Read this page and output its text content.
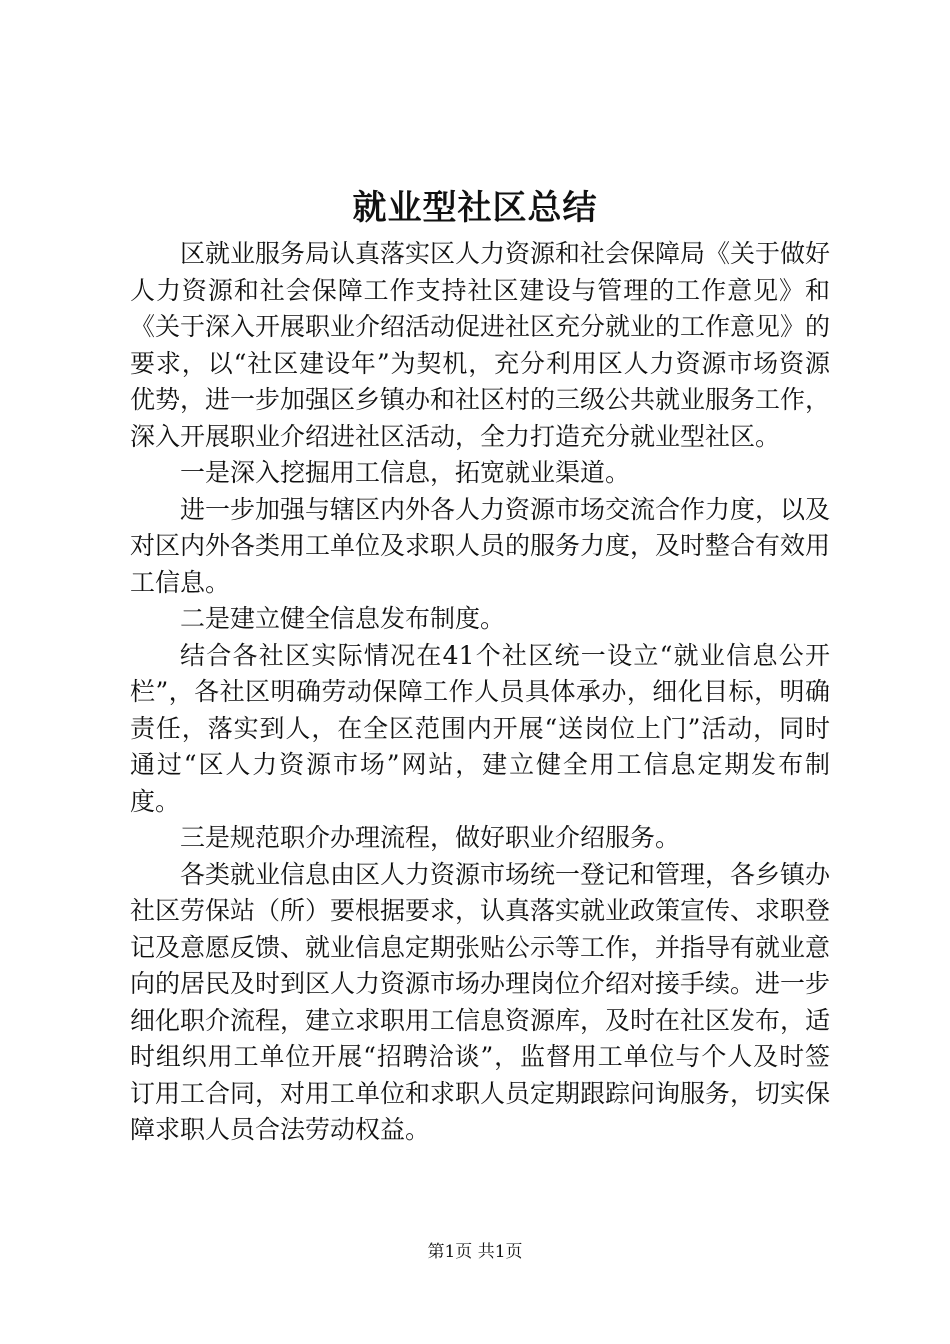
就业型社区总结

区就业服务局认真落实区人力资源和社会保障局《关于做好人力资源和社会保障工作支持社区建设与管理的工作意见》和《关于深入开展职业介绍活动促进社区充分就业的工作意见》的要求，以“社区建设年”为契机，充分利用区人力资源市场资源优势，进一步加强区乡镇办和社区村的三级公共就业服务工作，深入开展职业介绍进社区活动，全力打造充分就业型社区。

一是深入挖掘用工信息，拓宽就业渠道。

进一步加强与辖区内外各人力资源市场交流合作力度，以及对区内外各类用工单位及求职人员的服务力度，及时整合有效用工信息。

二是建立健全信息发布制度。

结合各社区实际情况在41个社区统一设立“就业信息公开栏”，各社区明确劳动保障工作人员具体承办，细化目标，明确责任，落实到人，在全区范围内开展“送岗位上门”活动，同时通过“区人力资源市场”网站，建立健全用工信息定期发布制度。

三是规范职介办理流程，做好职业介绍服务。

各类就业信息由区人力资源市场统一登记和管理，各乡镇办社区劳保站（所）要根据要求，认真落实就业政策宣传、求职登记及意愿反馈、就业信息定期张贴公示等工作，并指导有就业意向的居民及时到区人力资源市场办理岗位介绍对接手续。进一步细化职介流程，建立求职用工信息资源库，及时在社区发布，适时组织用工单位开展“招聘洽谈”，监督用工单位与个人及时签订用工合同，对用工单位和求职人员定期跟踪问询服务，切实保障求职人员合法劳动权益。

第1页 共1页
